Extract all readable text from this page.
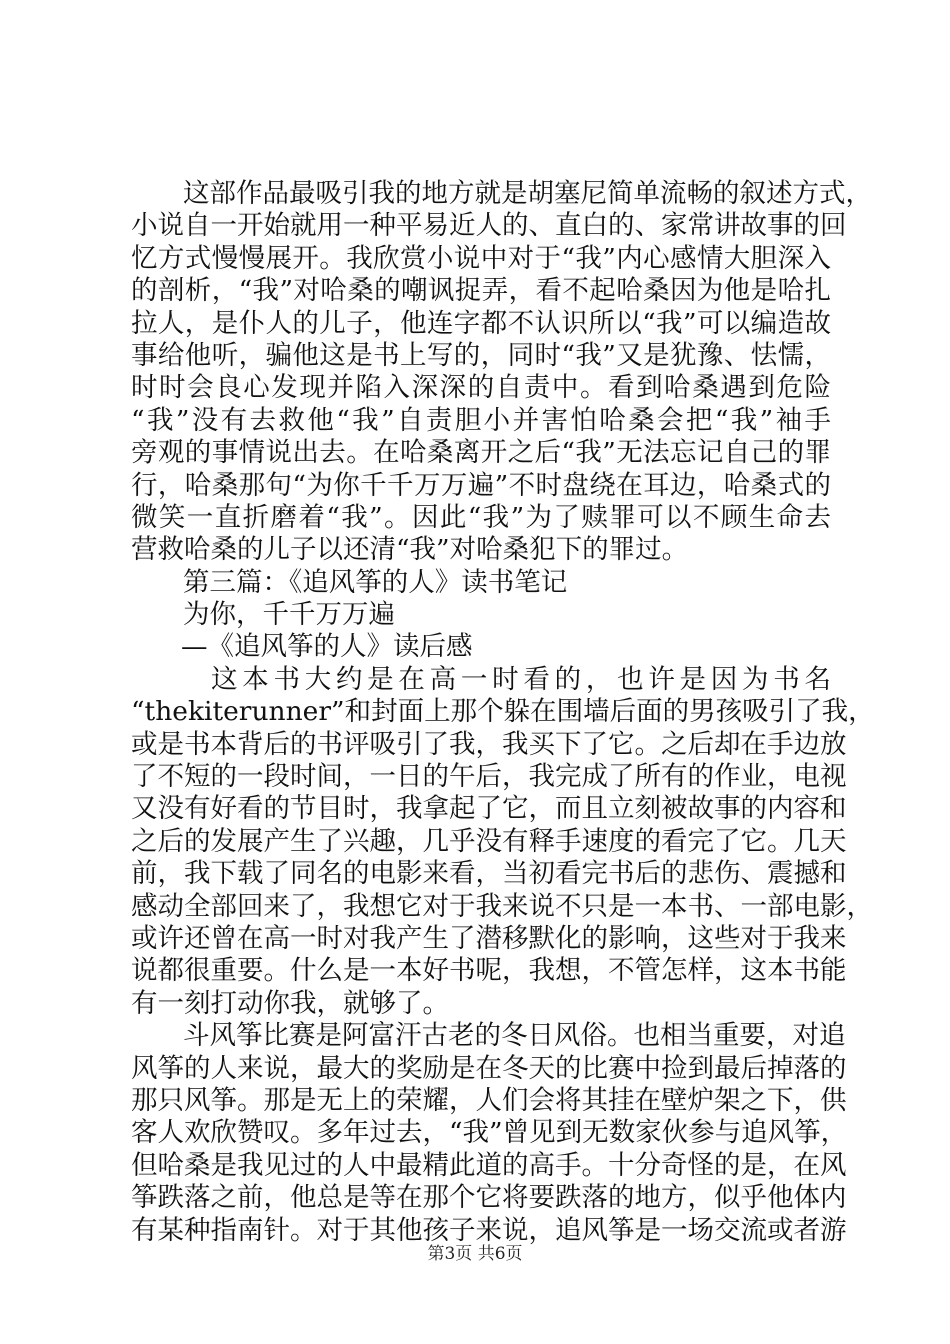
这部作品最吸引我的地方就是胡塞尼简单流畅的叙述方式，
小说自一开始就用一种平易近人的、直白的、家常讲故事的回
忆方式慢慢展开。我欣赏小说中对于“我”内心感情大胆深入
的剖析，“我”对哈桑的嘲讽捉弄，看不起哈桑因为他是哈扎
拉人，是仆人的儿子，他连字都不认识所以“我”可以编造故
事给他听，骗他这是书上写的，同时“我”又是犹豫、怯懦，
时时会良心发现并陷入深深的自责中。看到哈桑遇到危险
“我”没有去救他“我”自责胆小并害怕哈桑会把“我”袖手
旁观的事情说出去。在哈桑离开之后“我”无法忘记自己的罪
行，哈桑那句“为你千千万万遍”不时盘绕在耳边，哈桑式的
微笑一直折磨着“我”。因此“我”为了赎罪可以不顾生命去
营救哈桑的儿子以还清“我”对哈桑犯下的罪过。
第三篇：《追风筝的人》读书笔记
为你，千千万万遍
—《追风筝的人》读后感
这本书大约是在高一时看的，也许是因为书名
“thekiterunner”和封面上那个躲在围墙后面的男孩吸引了我，
或是书本背后的书评吸引了我，我买下了它。之后却在手边放
了不短的一段时间，一日的午后，我完成了所有的作业，电视
又没有好看的节目时，我拿起了它，而且立刻被故事的内容和
之后的发展产生了兴趣，几乎没有释手速度的看完了它。几天
前，我下载了同名的电影来看，当初看完书后的悲伤、震撼和
感动全部回来了，我想它对于我来说不只是一本书、一部电影，
或许还曾在高一时对我产生了潜移默化的影响，这些对于我来
说都很重要。什么是一本好书呢，我想，不管怎样，这本书能
有一刻打动你我，就够了。
斗风筝比赛是阿富汗古老的冬日风俗。也相当重要，对追
风筝的人来说，最大的奖励是在冬天的比赛中捡到最后掉落的
那只风筝。那是无上的荣耀，人们会将其挂在壁炉架之下，供
客人欢欣赞叹。多年过去，“我”曾见到无数家伙参与追风筝，
但哈桑是我见过的人中最精此道的高手。十分奇怪的是，在风
筝跌落之前，他总是等在那个它将要跌落的地方，似乎他体内
有某种指南针。对于其他孩子来说，追风筝是一场交流或者游
第3页 共6页
